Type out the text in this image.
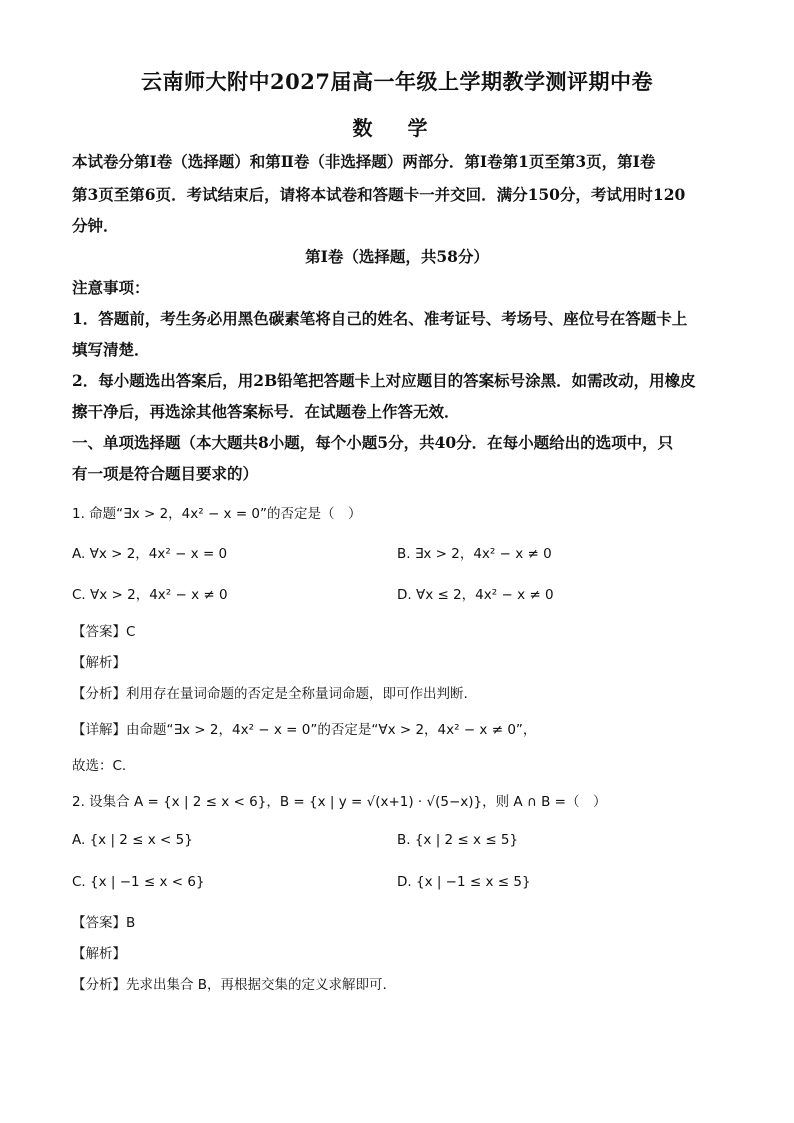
云南师大附中2027届高一年级上学期教学测评期中卷
数 学
本试卷分第Ⅰ卷（选择题）和第Ⅱ卷（非选择题）两部分．第Ⅰ卷第1页至第3页，第Ⅰ卷
第3页至第6页．考试结束后，请将本试卷和答题卡一并交回．满分150分，考试用时120
分钟．
第Ⅰ卷（选择题，共58分）
注意事项：
1．答题前，考生务必用黑色碳素笔将自己的姓名、准考证号、考场号、座位号在答题卡上
填写清楚．
2．每小题选出答案后，用2B铅笔把答题卡上对应题目的答案标号涂黑．如需改动，用橡皮
擦干净后，再选涂其他答案标号．在试题卷上作答无效．
一、单项选择题（本大题共8小题，每个小题5分，共40分．在每小题给出的选项中，只
有一项是符合题目要求的）
1. 命题“∃x > 2，4x² − x = 0”的否定是（　）
A. ∀x > 2，4x² − x = 0	B. ∃x > 2，4x² − x ≠ 0
C. ∀x > 2，4x² − x ≠ 0	D. ∀x ≤ 2，4x² − x ≠ 0
【答案】C
【解析】
【分析】利用存在量词命题的否定是全称量词命题，即可作出判断.
【详解】由命题“∃x > 2，4x² − x = 0”的否定是“∀x > 2，4x² − x ≠ 0”，
故选：C.
2. 设集合 A = {x | 2 ≤ x < 6}，B = {x | y = √(x+1) · √(5−x)}，则 A ∩ B =（　）
A. {x | 2 ≤ x < 5}	B. {x | 2 ≤ x ≤ 5}
C. {x | −1 ≤ x < 6}	D. {x | −1 ≤ x ≤ 5}
【答案】B
【解析】
【分析】先求出集合 B，再根据交集的定义求解即可.
